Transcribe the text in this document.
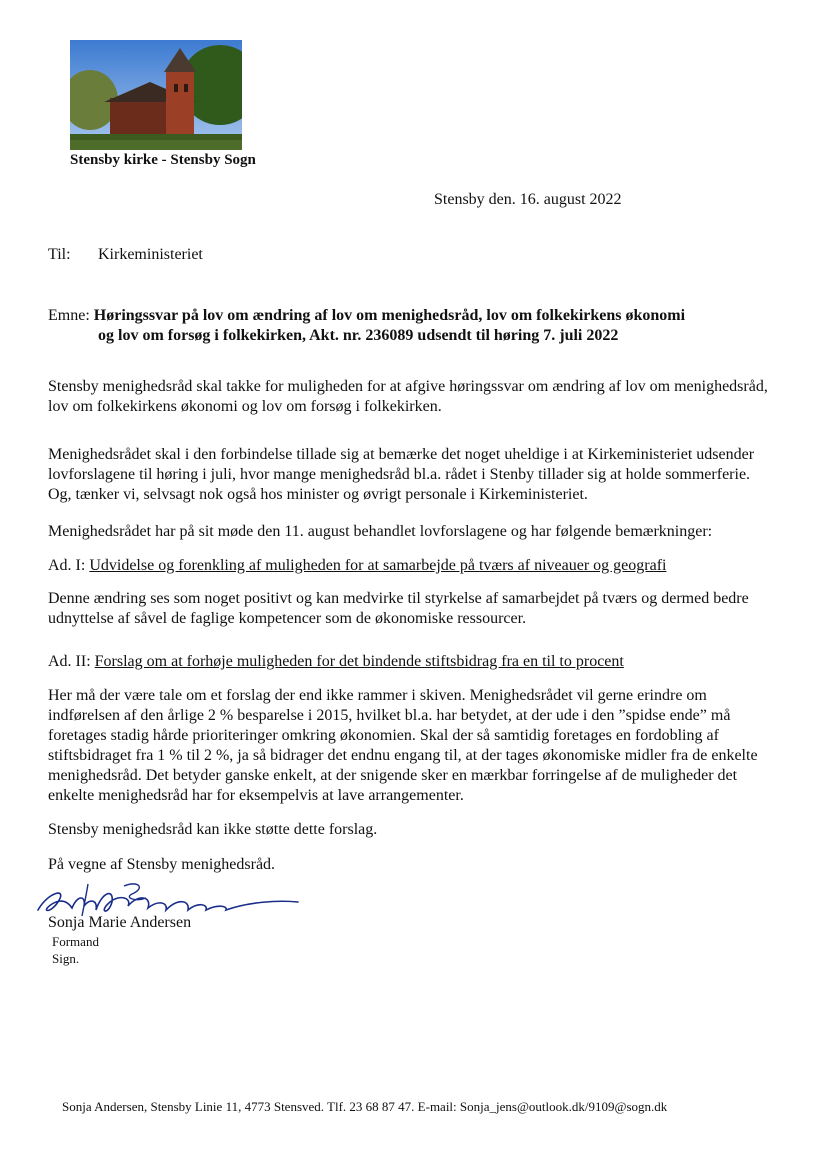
Stensby kirke - Stensby Sogn
Stensby den. 16. august 2022
Til: Kirkeministeriet
Emne: Høringssvar på lov om ændring af lov om menighedsråd, lov om folkekirkens økonomi
og lov om forsøg i folkekirken, Akt. nr. 236089 udsendt til høring 7. juli 2022

Stensby menighedsråd skal takke for muligheden for at afgive høringssvar om ændring af lov om menighedsråd, lov om folkekirkens økonomi og lov om forsøg i folkekirken.

Menighedsrådet skal i den forbindelse tillade sig at bemærke det noget uheldige i at Kirkeministeriet udsender lovforslagene til høring i juli, hvor mange menighedsråd bl.a. rådet i Stenby tillader sig at holde sommerferie. Og, tænker vi, selvsagt nok også hos minister og øvrigt personale i Kirkeministeriet.

Menighedsrådet har på sit møde den 11. august behandlet lovforslagene og har følgende bemærkninger:

Ad. I: Udvidelse og forenkling af muligheden for at samarbejde på tværs af niveauer og geografi

Denne ændring ses som noget positivt og kan medvirke til styrkelse af samarbejdet på tværs og dermed bedre udnyttelse af såvel de faglige kompetencer som de økonomiske ressourcer.

Ad. II: Forslag om at forhøje muligheden for det bindende stiftsbidrag fra en til to procent

Her må der være tale om et forslag der end ikke rammer i skiven. Menighedsrådet vil gerne erindre om indførelsen af den årlige 2 % besparelse i 2015, hvilket bl.a. har betydet, at der ude i den ”spidse ende” må foretages stadig hårde prioriteringer omkring økonomien. Skal der så samtidig foretages en fordobling af stiftsbidraget fra 1 % til 2 %, ja så bidrager det endnu engang til, at der tages økonomiske midler fra de enkelte menighedsråd. Det betyder ganske enkelt, at der snigende sker en mærkbar forringelse af de muligheder det enkelte menighedsråd har for eksempelvis at lave arrangementer.

Stensby menighedsråd kan ikke støtte dette forslag.

På vegne af Stensby menighedsråd.

Sonja Marie Andersen
Formand
Sign.
Sonja Andersen, Stensby Linie 11, 4773 Stensved. Tlf. 23 68 87 47. E-mail: Sonja_jens@outlook.dk/9109@sogn.dk
